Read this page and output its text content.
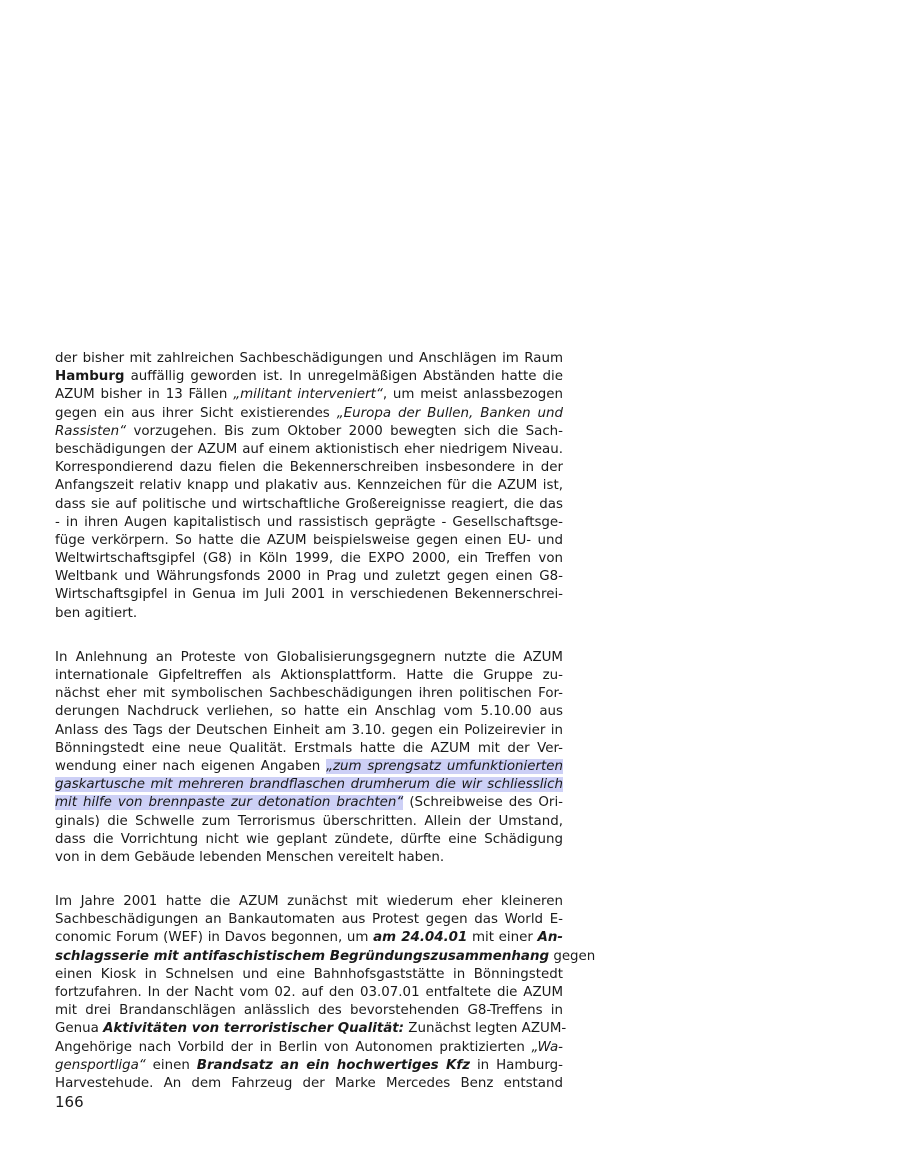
der bisher mit zahlreichen Sachbeschädigungen und Anschlägen im Raum
Hamburg auffällig geworden ist. In unregelmäßigen Abständen hatte die
AZUM bisher in 13 Fällen „militant interveniert“, um meist anlassbezogen
gegen ein aus ihrer Sicht existierendes „Europa der Bullen, Banken und
Rassisten“ vorzugehen. Bis zum Oktober 2000 bewegten sich die Sach-
beschädigungen der AZUM auf einem aktionistisch eher niedrigem Niveau.
Korrespondierend dazu fielen die Bekennerschreiben insbesondere in der
Anfangszeit relativ knapp und plakativ aus. Kennzeichen für die AZUM ist,
dass sie auf politische und wirtschaftliche Großereignisse reagiert, die das
- in ihren Augen kapitalistisch und rassistisch geprägte - Gesellschaftsge-
füge verkörpern. So hatte die AZUM beispielsweise gegen einen EU- und
Weltwirtschaftsgipfel (G8) in Köln 1999, die EXPO 2000, ein Treffen von
Weltbank und Währungsfonds 2000 in Prag und zuletzt gegen einen G8-
Wirtschaftsgipfel in Genua im Juli 2001 in verschiedenen Bekennerschrei-
ben agitiert.

In Anlehnung an Proteste von Globalisierungsgegnern nutzte die AZUM
internationale Gipfeltreffen als Aktionsplattform. Hatte die Gruppe zu-
nächst eher mit symbolischen Sachbeschädigungen ihren politischen For-
derungen Nachdruck verliehen, so hatte ein Anschlag vom 5.10.00 aus
Anlass des Tags der Deutschen Einheit am 3.10. gegen ein Polizeirevier in
Bönningstedt eine neue Qualität. Erstmals hatte die AZUM mit der Ver-
wendung einer nach eigenen Angaben „zum sprengsatz umfunktionierten
gaskartusche mit mehreren brandflaschen drumherum die wir schliesslich
mit hilfe von brennpaste zur detonation brachten“ (Schreibweise des Ori-
ginals) die Schwelle zum Terrorismus überschritten. Allein der Umstand,
dass die Vorrichtung nicht wie geplant zündete, dürfte eine Schädigung
von in dem Gebäude lebenden Menschen vereitelt haben.

Im Jahre 2001 hatte die AZUM zunächst mit wiederum eher kleineren
Sachbeschädigungen an Bankautomaten aus Protest gegen das World E-
conomic Forum (WEF) in Davos begonnen, um am 24.04.01 mit einer An-
schlagsserie mit antifaschistischem Begründungszusammenhang gegen
einen Kiosk in Schnelsen und eine Bahnhofsgaststätte in Bönningstedt
fortzufahren. In der Nacht vom 02. auf den 03.07.01 entfaltete die AZUM
mit drei Brandanschlägen anlässlich des bevorstehenden G8-Treffens in
Genua Aktivitäten von terroristischer Qualität: Zunächst legten AZUM-
Angehörige nach Vorbild der in Berlin von Autonomen praktizierten „Wa-
gensportliga“ einen Brandsatz an ein hochwertiges Kfz in Hamburg-
Harvestehude. An dem Fahrzeug der Marke Mercedes Benz entstand

166
